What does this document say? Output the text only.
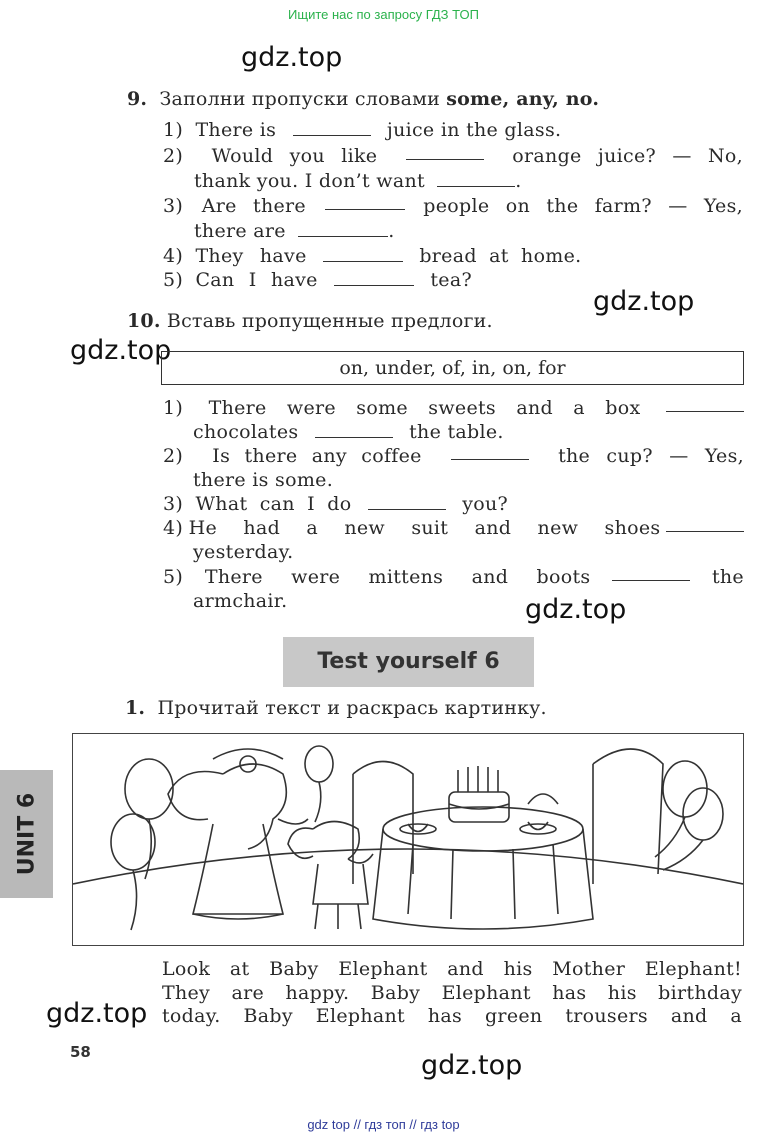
Ищите нас по запросу ГДЗ ТОП
gdz.top
gdz.top
gdz.top
gdz.top
gdz.top
gdz.top
9. Заполни пропуски словами some, any, no.
1) There is	juice in the glass.
2) Would you like	orange juice? — No,
thank you. I don’t want	.
3) Are there	people on the farm? — Yes,
there are	.
4) They have	bread at home.
5) Can I have	tea?
10. Вставь пропущенные предлоги.
on, under, of, in, on, for
1) There were some sweets and a box
chocolates	the table.
2) Is there any coffee	the cup? — Yes,
there is some.
3) What can I do	you?
4) He had a new suit and new shoes
yesterday.
5) There were mittens and boots	the
armchair.
Test yourself 6
1. Прочитай текст и раскрась картинку.
UNIT 6
Look at Baby Elephant and his Mother Elephant!
They are happy. Baby Elephant has his birthday
today. Baby Elephant has green trousers and a
58
gdz top // гдз топ // гдз top
